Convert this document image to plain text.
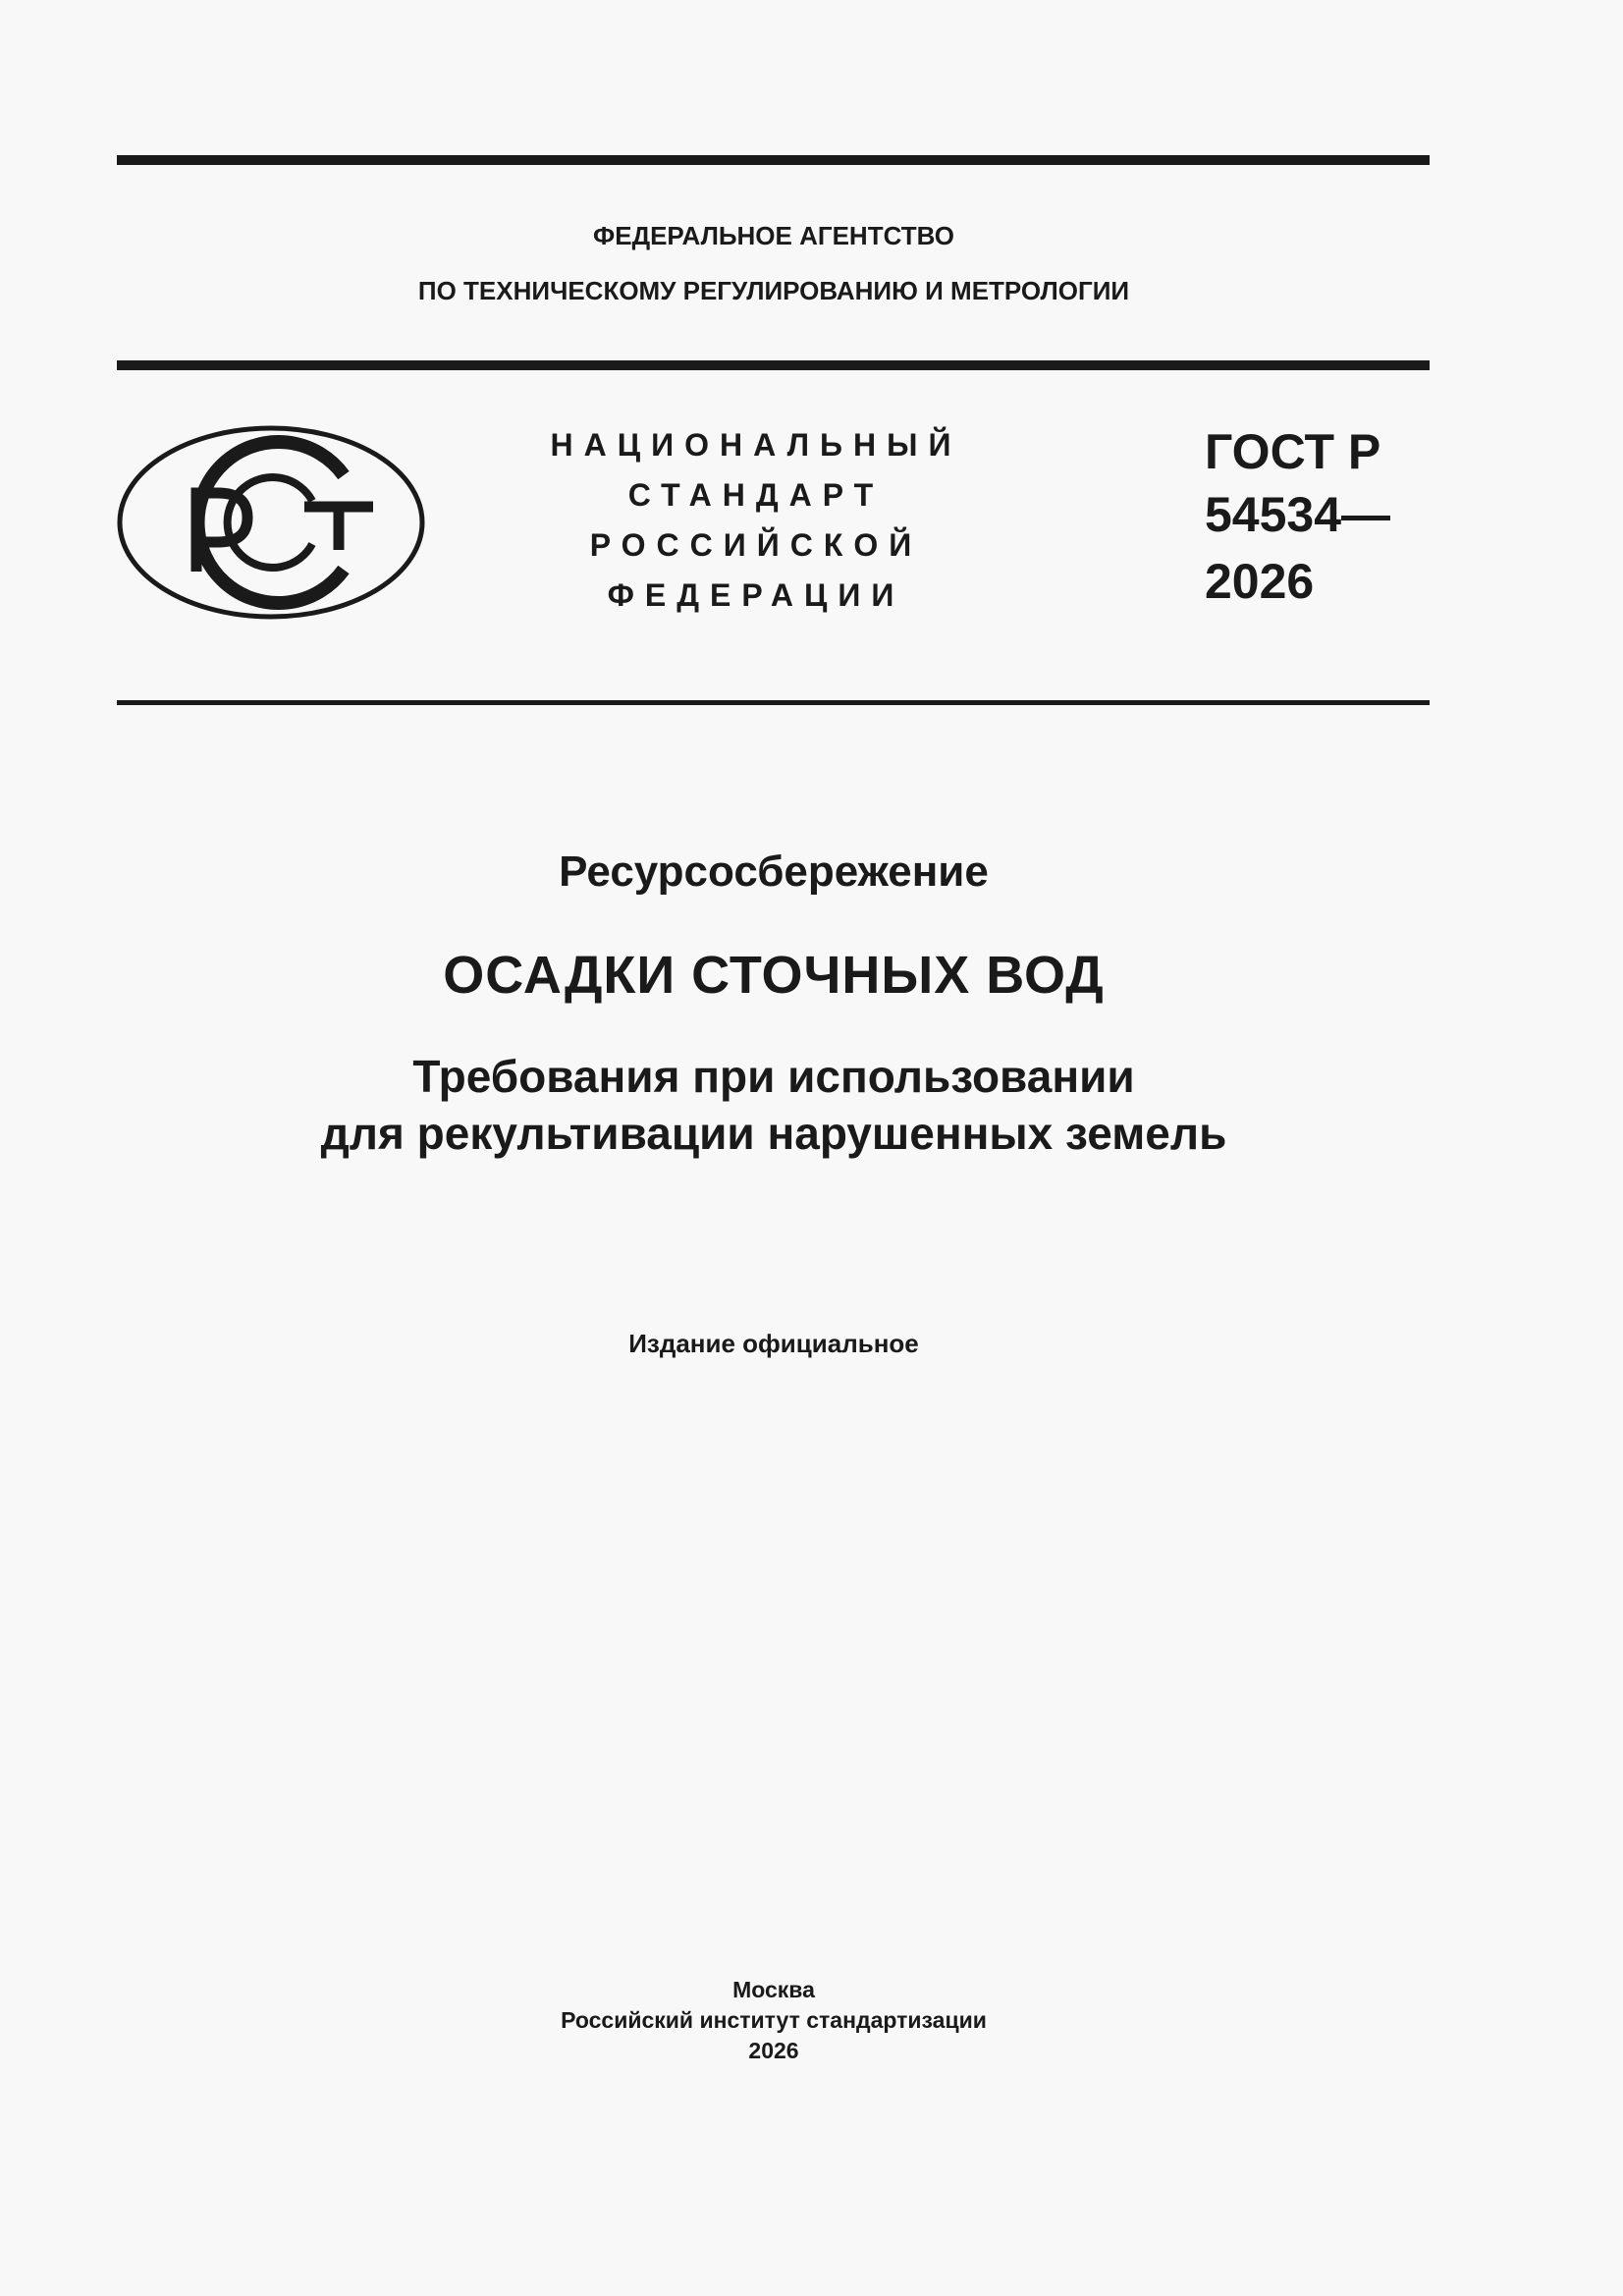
ФЕДЕРАЛЬНОЕ АГЕНТСТВО
ПО ТЕХНИЧЕСКОМУ РЕГУЛИРОВАНИЮ И МЕТРОЛОГИИ
НАЦИОНАЛЬНЫЙ
СТАНДАРТ
РОССИЙСКОЙ
ФЕДЕРАЦИИ
ГОСТ Р
54534—
2026
Ресурсосбережение
ОСАДКИ СТОЧНЫХ ВОД
Требования при использовании
для рекультивации нарушенных земель
Издание официальное
Москва
Российский институт стандартизации
2026
